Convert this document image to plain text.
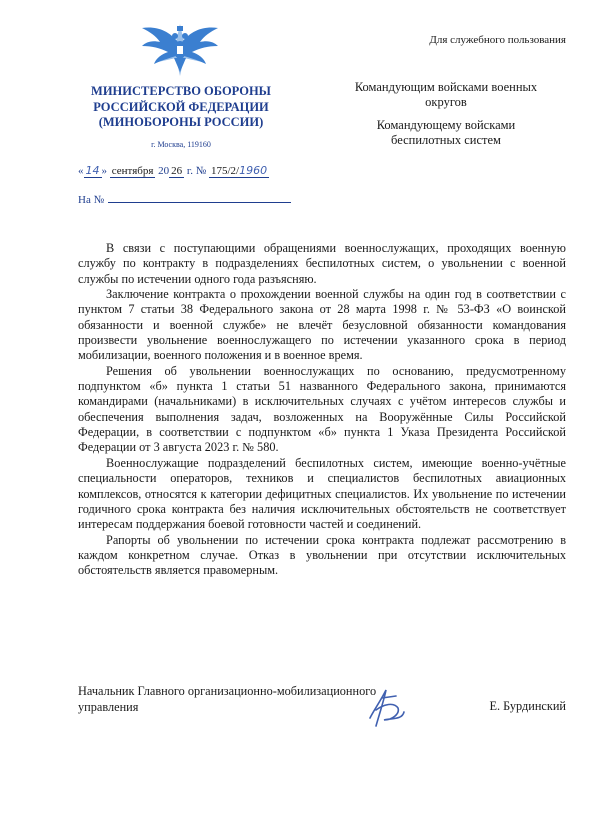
МИНИСТЕРСТВО ОБОРОНЫ
РОССИЙСКОЙ ФЕДЕРАЦИИ
(МИНОБОРОНЫ РОССИИ)
г. Москва, 119160
« 14 » сентября 20 26 г. № 175/2/1960
На №
Для служебного пользования
Командующим войсками военных
округов
Командующему войсками
беспилотных систем

В связи с поступающими обращениями военнослужащих, проходящих военную службу по контракту в подразделениях беспилотных систем, о увольнении с военной службы по истечении одного года разъясняю.

Заключение контракта о прохождении военной службы на один год в соответствии с пунктом 7 статьи 38 Федерального закона от 28 марта 1998 г. № 53-ФЗ «О воинской обязанности и военной службе» не влечёт безусловной обязанности командования произвести увольнение военнослужащего по истечении указанного срока в период мобилизации, военного положения и в военное время.

Решения об увольнении военнослужащих по основанию, предусмотренному подпунктом «б» пункта 1 статьи 51 названного Федерального закона, принимаются командирами (начальниками) в исключительных случаях с учётом интересов службы и обеспечения выполнения задач, возложенных на Вооружённые Силы Российской Федерации, в соответствии с подпунктом «б» пункта 1 Указа Президента Российской Федерации от 3 августа 2023 г. № 580.

Военнослужащие подразделений беспилотных систем, имеющие военно-учётные специальности операторов, техников и специалистов беспилотных авиационных комплексов, относятся к категории дефицитных специалистов. Их увольнение по истечении годичного срока контракта без наличия исключительных обстоятельств не соответствует интересам поддержания боевой готовности частей и соединений.

Рапорты об увольнении по истечении срока контракта подлежат рассмотрению в каждом конкретном случае. Отказ в увольнении при отсутствии исключительных обстоятельств является правомерным.

Начальник Главного организационно-мобилизационного
управления	Е. Бурдинский
